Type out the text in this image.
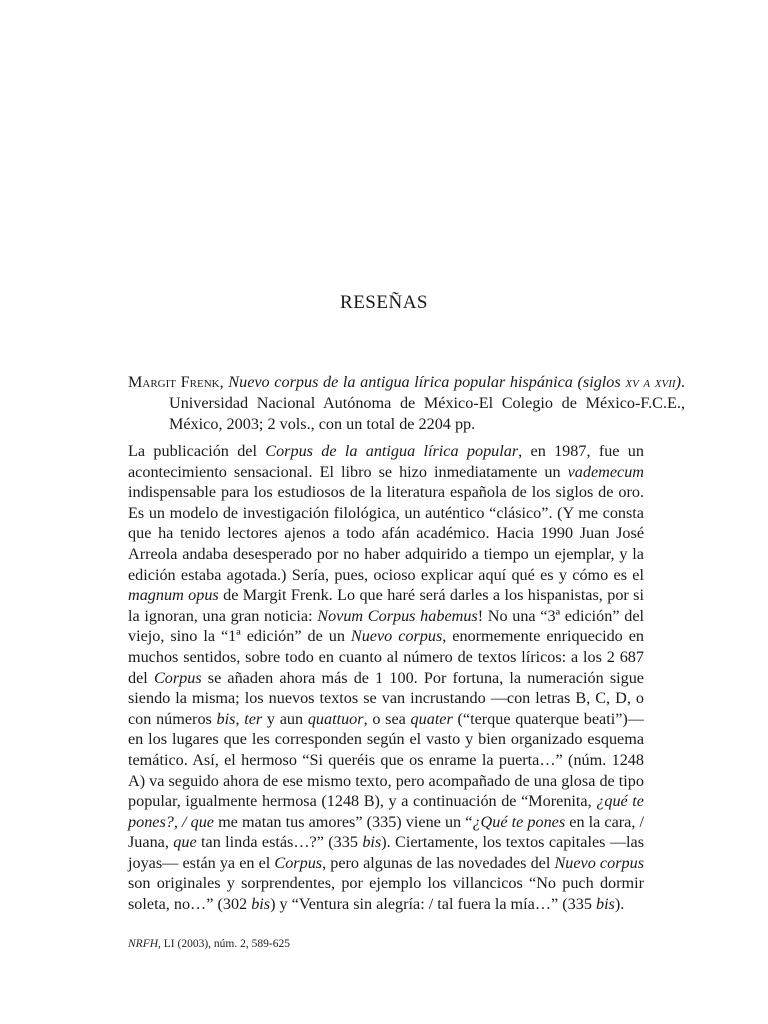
RESEÑAS
Margit Frenk, Nuevo corpus de la antigua lírica popular hispánica (siglos xv a xvii). Universidad Nacional Autónoma de México-El Colegio de México-F.C.E., México, 2003; 2 vols., con un total de 2204 pp.

La publicación del Corpus de la antigua lírica popular, en 1987, fue un acontecimiento sensacional. El libro se hizo inmediatamente un vademecum indispensable para los estudiosos de la literatura española de los siglos de oro. Es un modelo de investigación filológica, un auténtico “clásico”. (Y me consta que ha tenido lectores ajenos a todo afán académico. Hacia 1990 Juan José Arreola andaba desesperado por no haber adquirido a tiempo un ejemplar, y la edición estaba agotada.) Sería, pues, ocioso explicar aquí qué es y cómo es el magnum opus de Margit Frenk. Lo que haré será darles a los hispanistas, por si la ignoran, una gran noticia: Novum Corpus habemus! No una “3ª edición” del viejo, sino la “1ª edición” de un Nuevo corpus, enormemente enriquecido en muchos sentidos, sobre todo en cuanto al número de textos líricos: a los 2 687 del Corpus se añaden ahora más de 1 100. Por fortuna, la numeración sigue siendo la misma; los nuevos textos se van incrustando —con letras B, C, D, o con números bis, ter y aun quattuor, o sea quater (“terque quaterque beati”)— en los lugares que les corresponden según el vasto y bien organizado esquema temático. Así, el hermoso “Si queréis que os enrame la puerta…” (núm. 1248 A) va seguido ahora de ese mismo texto, pero acompañado de una glosa de tipo popular, igualmente hermosa (1248 B), y a continuación de “Morenita, ¿qué te pones?, / que me matan tus amores” (335) viene un “¿Qué te pones en la cara, / Juana, que tan linda estás…?” (335 bis). Ciertamente, los textos capitales —las joyas— están ya en el Corpus, pero algunas de las novedades del Nuevo corpus son originales y sorprendentes, por ejemplo los villancicos “No puch dormir soleta, no…” (302 bis) y “Ventura sin alegría: / tal fuera la mía…” (335 bis).

NRFH, LI (2003), núm. 2, 589-625
